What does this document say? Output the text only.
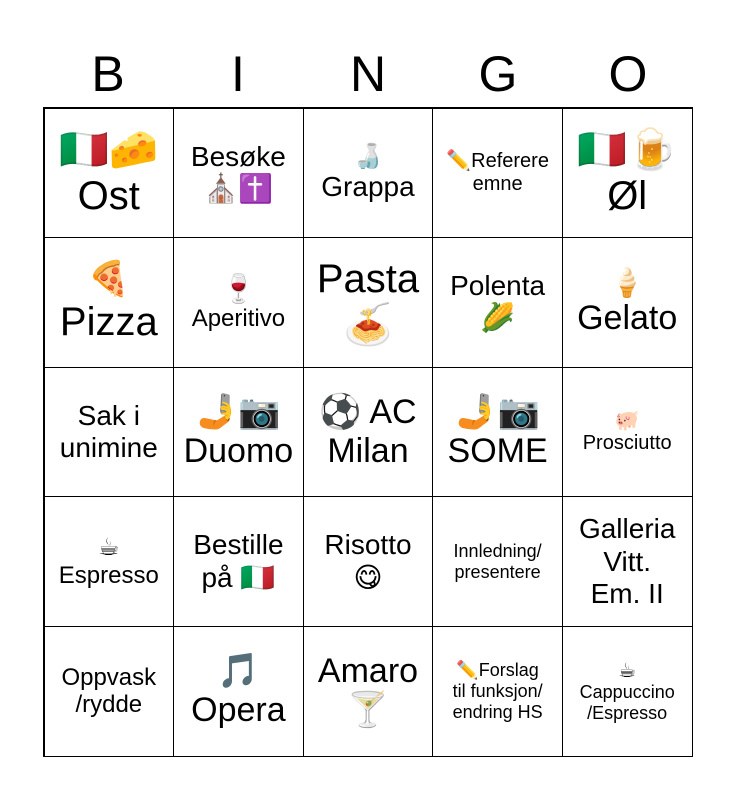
B	I	N	G	O
🇮🇹🧀
Ost
Besøke
⛪✝️
🍶
Grappa
✏️Referere
emne
🇮🇹🍺
Øl
🍕
Pizza
🍷
Aperitivo
Pasta
🍝
Polenta
🌽
🍦
Gelato
Sak i
unimine
🤳📷
Duomo
⚽ AC
Milan
🤳📷
SOME
🐖
Prosciutto
☕
Espresso
Bestille
på 🇮🇹
Risotto
😋
Innledning/
presentere
Galleria
Vitt.
Em. II
Oppvask
/rydde
🎵
Opera
Amaro
🍸
✏️Forslag
til funksjon/
endring HS
☕
Cappuccino
/Espresso
